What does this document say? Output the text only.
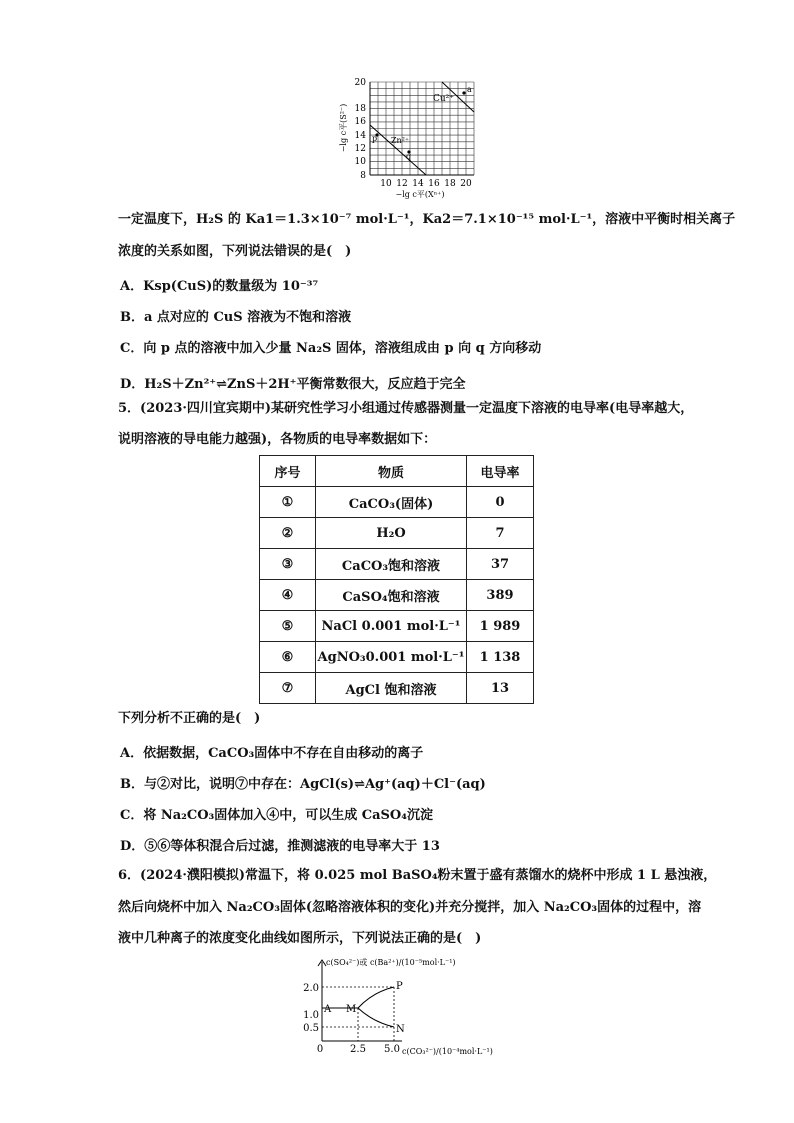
Cu²⁺
Zn²⁺
p
q
a
8
10
12
14
16
18
20
10 12 14 16 18 20
−lg c平(Xⁿ⁺)
−lg c平(S²⁻)
一定温度下，H₂S 的 Ka1＝1.3×10⁻⁷ mol·L⁻¹，Ka2＝7.1×10⁻¹⁵ mol·L⁻¹，溶液中平衡时相关离子
浓度的关系如图，下列说法错误的是(　)
A．Ksp(CuS)的数量级为 10⁻³⁷
B．a 点对应的 CuS 溶液为不饱和溶液
C．向 p 点的溶液中加入少量 Na₂S 固体，溶液组成由 p 向 q 方向移动
D．H₂S＋Zn²⁺⇌ZnS＋2H⁺平衡常数很大，反应趋于完全
5．(2023·四川宜宾期中)某研究性学习小组通过传感器测量一定温度下溶液的电导率(电导率越大，
说明溶液的导电能力越强)，各物质的电导率数据如下：
序号	物质	电导率
①	CaCO₃(固体)	0
②	H₂O	7
③	CaCO₃饱和溶液	37
④	CaSO₄饱和溶液	389
⑤	NaCl 0.001 mol·L⁻¹	1 989
⑥	AgNO₃0.001 mol·L⁻¹	1 138
⑦	AgCl 饱和溶液	13
下列分析不正确的是(　)
A．依据数据，CaCO₃固体中不存在自由移动的离子
B．与②对比，说明⑦中存在：AgCl(s)⇌Ag⁺(aq)＋Cl⁻(aq)
C．将 Na₂CO₃固体加入④中，可以生成 CaSO₄沉淀
D．⑤⑥等体积混合后过滤，推测滤液的电导率大于 13
6．(2024·濮阳模拟)常温下，将 0.025 mol BaSO₄粉末置于盛有蒸馏水的烧杯中形成 1 L 悬浊液，
然后向烧杯中加入 Na₂CO₃固体(忽略溶液体积的变化)并充分搅拌，加入 Na₂CO₃固体的过程中，溶
液中几种离子的浓度变化曲线如图所示，下列说法正确的是(　)
c(SO₄²⁻)或 c(Ba²⁺)/(10⁻⁵mol·L⁻¹)
2.0
1.0
0.5
0	2.5 5.0 c(CO₃²⁻)/(10⁻⁴mol·L⁻¹)
A M
P
N
